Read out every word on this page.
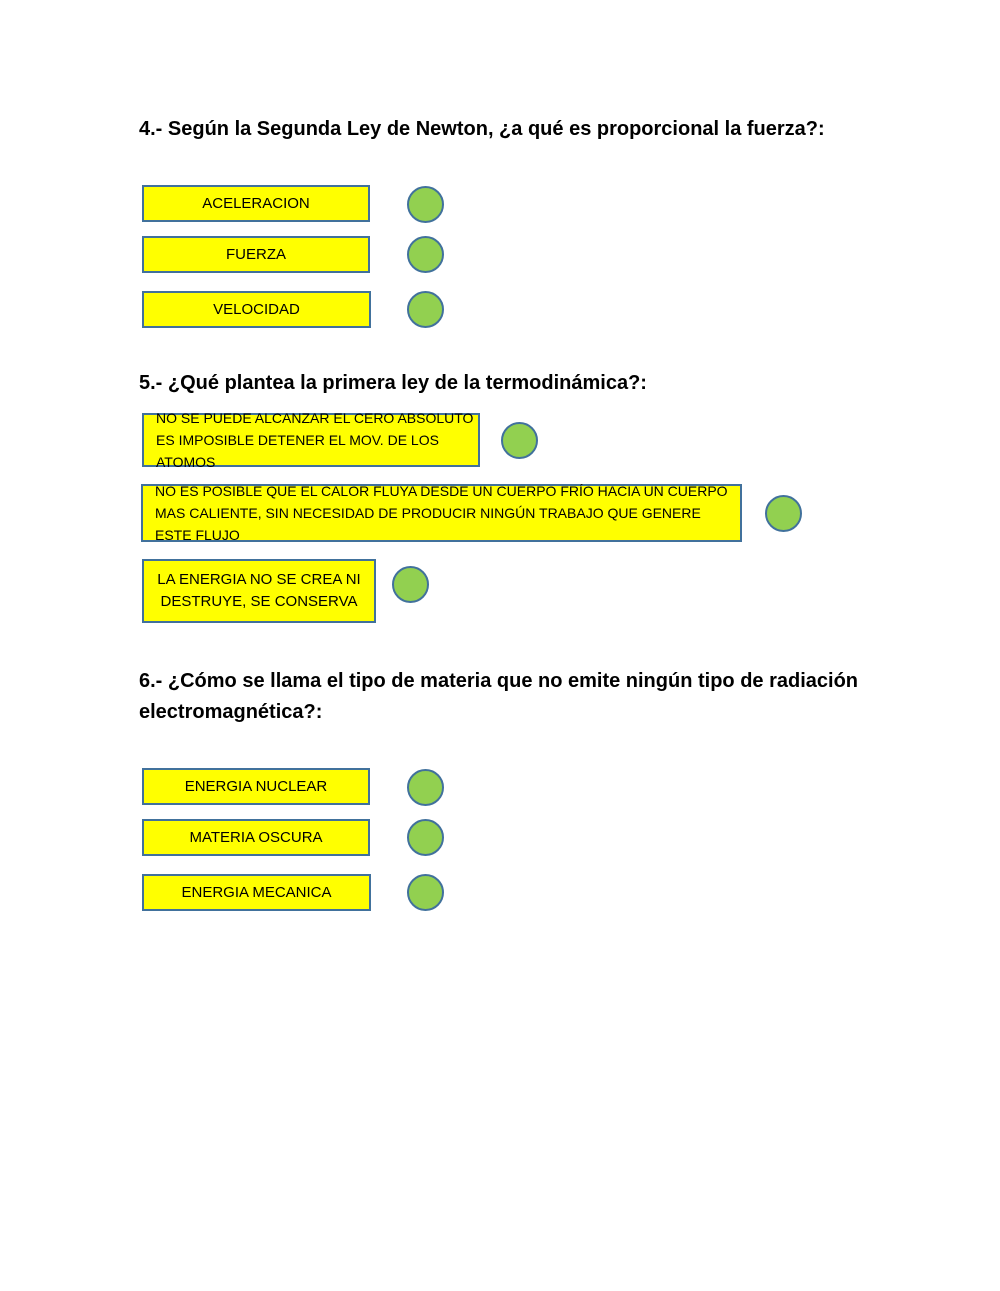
4.- Según la Segunda Ley de Newton, ¿a qué es proporcional la fuerza?:
ACELERACION
FUERZA
VELOCIDAD
5.- ¿Qué plantea la primera ley de la termodinámica?:
NO SE PUEDE ALCANZAR EL CERO ABSOLUTO ES IMPOSIBLE DETENER EL MOV. DE LOS ATOMOS
NO ES POSIBLE QUE EL CALOR FLUYA DESDE UN CUERPO FRÍO HACIA UN CUERPO MAS CALIENTE, SIN NECESIDAD DE PRODUCIR NINGÚN TRABAJO QUE GENERE ESTE FLUJO
LA ENERGIA NO SE CREA NI DESTRUYE, SE CONSERVA
6.- ¿Cómo se llama el tipo de materia que no emite ningún tipo de radiación electromagnética?:
ENERGIA NUCLEAR
MATERIA OSCURA
ENERGIA MECANICA
